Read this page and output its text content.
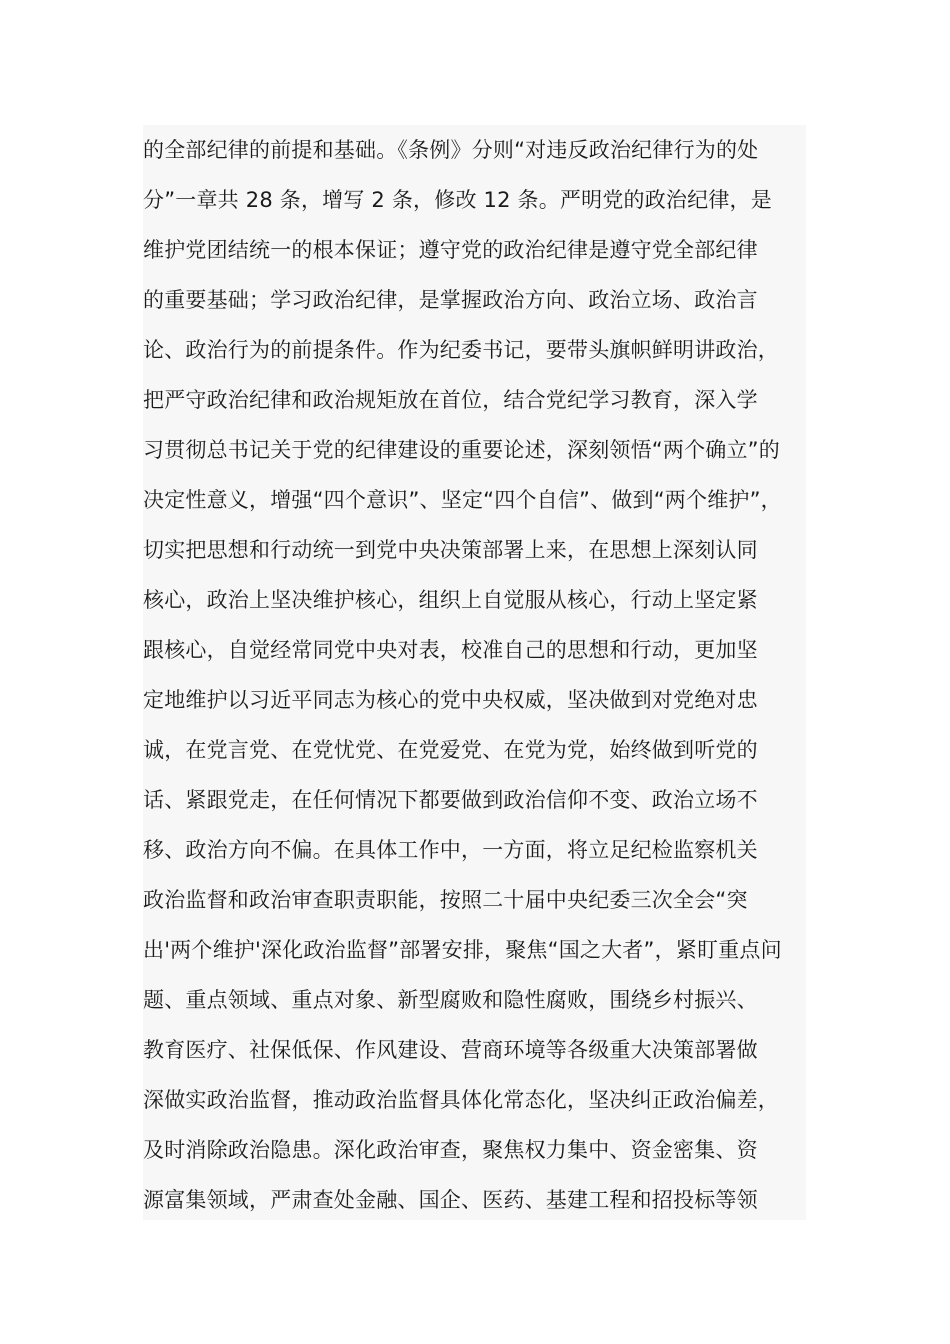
的全部纪律的前提和基础。《条例》分则“对违反政治纪律行为的处
分”一章共 28 条，增写 2 条，修改 12 条。严明党的政治纪律，是
维护党团结统一的根本保证；遵守党的政治纪律是遵守党全部纪律
的重要基础；学习政治纪律，是掌握政治方向、政治立场、政治言
论、政治行为的前提条件。作为纪委书记，要带头旗帜鲜明讲政治，
把严守政治纪律和政治规矩放在首位，结合党纪学习教育，深入学
习贯彻总书记关于党的纪律建设的重要论述，深刻领悟“两个确立”的
决定性意义，增强“四个意识”、坚定“四个自信”、做到“两个维护”，
切实把思想和行动统一到党中央决策部署上来，在思想上深刻认同
核心，政治上坚决维护核心，组织上自觉服从核心，行动上坚定紧
跟核心，自觉经常同党中央对表，校准自己的思想和行动，更加坚
定地维护以习近平同志为核心的党中央权威，坚决做到对党绝对忠
诚，在党言党、在党忧党、在党爱党、在党为党，始终做到听党的
话、紧跟党走，在任何情况下都要做到政治信仰不变、政治立场不
移、政治方向不偏。在具体工作中，一方面，将立足纪检监察机关
政治监督和政治审查职责职能，按照二十届中央纪委三次全会“突
出'两个维护'深化政治监督”部署安排，聚焦“国之大者”，紧盯重点问
题、重点领域、重点对象、新型腐败和隐性腐败，围绕乡村振兴、
教育医疗、社保低保、作风建设、营商环境等各级重大决策部署做
深做实政治监督，推动政治监督具体化常态化，坚决纠正政治偏差，
及时消除政治隐患。深化政治审查，聚焦权力集中、资金密集、资
源富集领域，严肃查处金融、国企、医药、基建工程和招投标等领
